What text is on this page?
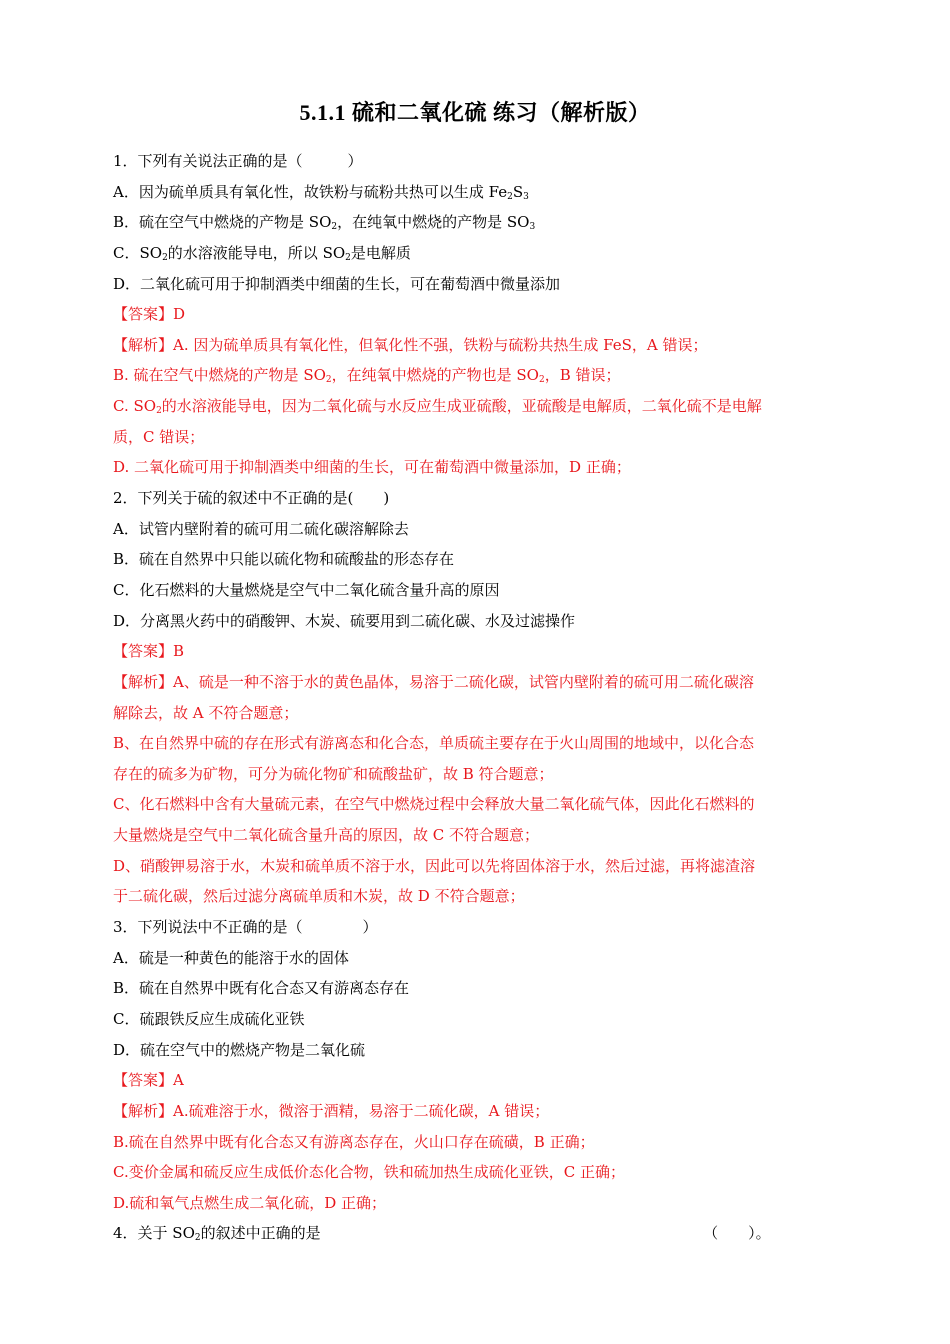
5.1.1 硫和二氧化硫 练习（解析版）
1．下列有关说法正确的是（　　　）
A．因为硫单质具有氧化性，故铁粉与硫粉共热可以生成 $Fe_2S_3$
B．硫在空气中燃烧的产物是 $SO_2$，在纯氧中燃烧的产物是 $SO_3$
C．$SO_2$的水溶液能导电，所以 $SO_2$是电解质
D．二氧化硫可用于抑制酒类中细菌的生长，可在葡萄酒中微量添加
【答案】D
【解析】A. 因为硫单质具有氧化性，但氧化性不强，铁粉与硫粉共热生成 FeS，A 错误；
B. 硫在空气中燃烧的产物是 $SO_2$，在纯氧中燃烧的产物也是 $SO_2$，B 错误；
C. $SO_2$的水溶液能导电，因为二氧化硫与水反应生成亚硫酸，亚硫酸是电解质，二氧化硫不是电解
质，C 错误；
D. 二氧化硫可用于抑制酒类中细菌的生长，可在葡萄酒中微量添加，D 正确；
2．下列关于硫的叙述中不正确的是(　　)
A．试管内壁附着的硫可用二硫化碳溶解除去
B．硫在自然界中只能以硫化物和硫酸盐的形态存在
C．化石燃料的大量燃烧是空气中二氧化硫含量升高的原因
D．分离黑火药中的硝酸钾、木炭、硫要用到二硫化碳、水及过滤操作
【答案】B
【解析】A、硫是一种不溶于水的黄色晶体，易溶于二硫化碳，试管内壁附着的硫可用二硫化碳溶
解除去，故 A 不符合题意；
B、在自然界中硫的存在形式有游离态和化合态，单质硫主要存在于火山周围的地域中，以化合态
存在的硫多为矿物，可分为硫化物矿和硫酸盐矿，故 B 符合题意；
C、化石燃料中含有大量硫元素，在空气中燃烧过程中会释放大量二氧化硫气体，因此化石燃料的
大量燃烧是空气中二氧化硫含量升高的原因，故 C 不符合题意；
D、硝酸钾易溶于水，木炭和硫单质不溶于水，因此可以先将固体溶于水，然后过滤，再将滤渣溶
于二硫化碳，然后过滤分离硫单质和木炭，故 D 不符合题意；
3．下列说法中不正确的是（　　　　）
A．硫是一种黄色的能溶于水的固体
B．硫在自然界中既有化合态又有游离态存在
C．硫跟铁反应生成硫化亚铁
D．硫在空气中的燃烧产物是二氧化硫
【答案】A
【解析】A.硫难溶于水，微溶于酒精，易溶于二硫化碳，A 错误；
B.硫在自然界中既有化合态又有游离态存在，火山口存在硫磺，B 正确；
C.变价金属和硫反应生成低价态化合物，铁和硫加热生成硫化亚铁，C 正确；
D.硫和氧气点燃生成二氧化硫，D 正确；
4．关于 $SO_2$的叙述中正确的是　　　　　　　　　　　　　　　　　　　　　　　　　　（　　）。
